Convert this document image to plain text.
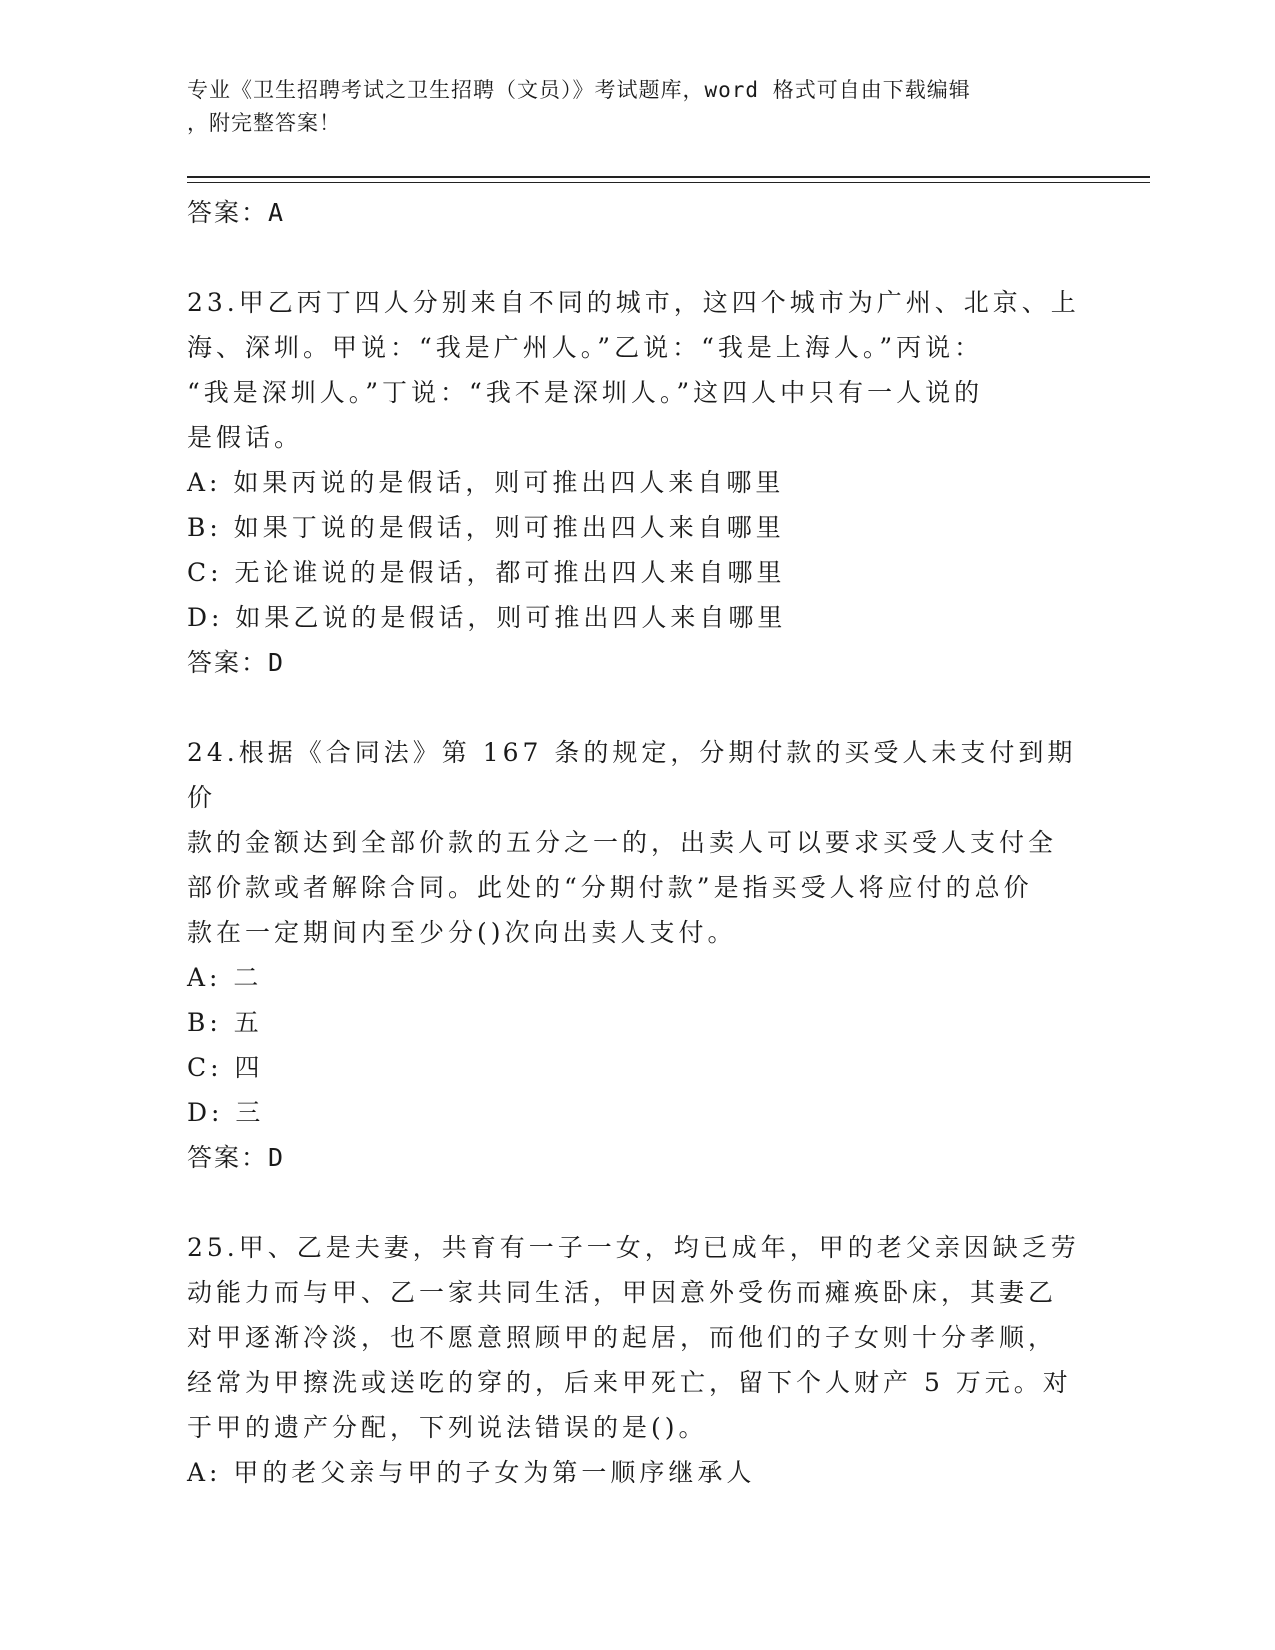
专业《卫生招聘考试之卫生招聘（文员）》考试题库，word 格式可自由下载编辑
，附完整答案！

答案：A

23.甲乙丙丁四人分别来自不同的城市，这四个城市为广州、北京、上

海、深圳。甲说：“我是广州人。”乙说：“我是上海人。”丙说：

“我是深圳人。”丁说：“我不是深圳人。”这四人中只有一人说的

是假话。

A: 如果丙说的是假话，则可推出四人来自哪里

B: 如果丁说的是假话，则可推出四人来自哪里

C: 无论谁说的是假话，都可推出四人来自哪里

D: 如果乙说的是假话，则可推出四人来自哪里

答案：D

24.根据《合同法》第 167 条的规定，分期付款的买受人未支付到期价

款的金额达到全部价款的五分之一的，出卖人可以要求买受人支付全

部价款或者解除合同。此处的“分期付款”是指买受人将应付的总价

款在一定期间内至少分()次向出卖人支付。

A: 二

B: 五

C: 四

D: 三

答案：D

25.甲、乙是夫妻，共育有一子一女，均已成年，甲的老父亲因缺乏劳

动能力而与甲、乙一家共同生活，甲因意外受伤而瘫痪卧床，其妻乙

对甲逐渐冷淡，也不愿意照顾甲的起居，而他们的子女则十分孝顺，

经常为甲擦洗或送吃的穿的，后来甲死亡，留下个人财产 5 万元。对

于甲的遗产分配，下列说法错误的是()。

A: 甲的老父亲与甲的子女为第一顺序继承人
